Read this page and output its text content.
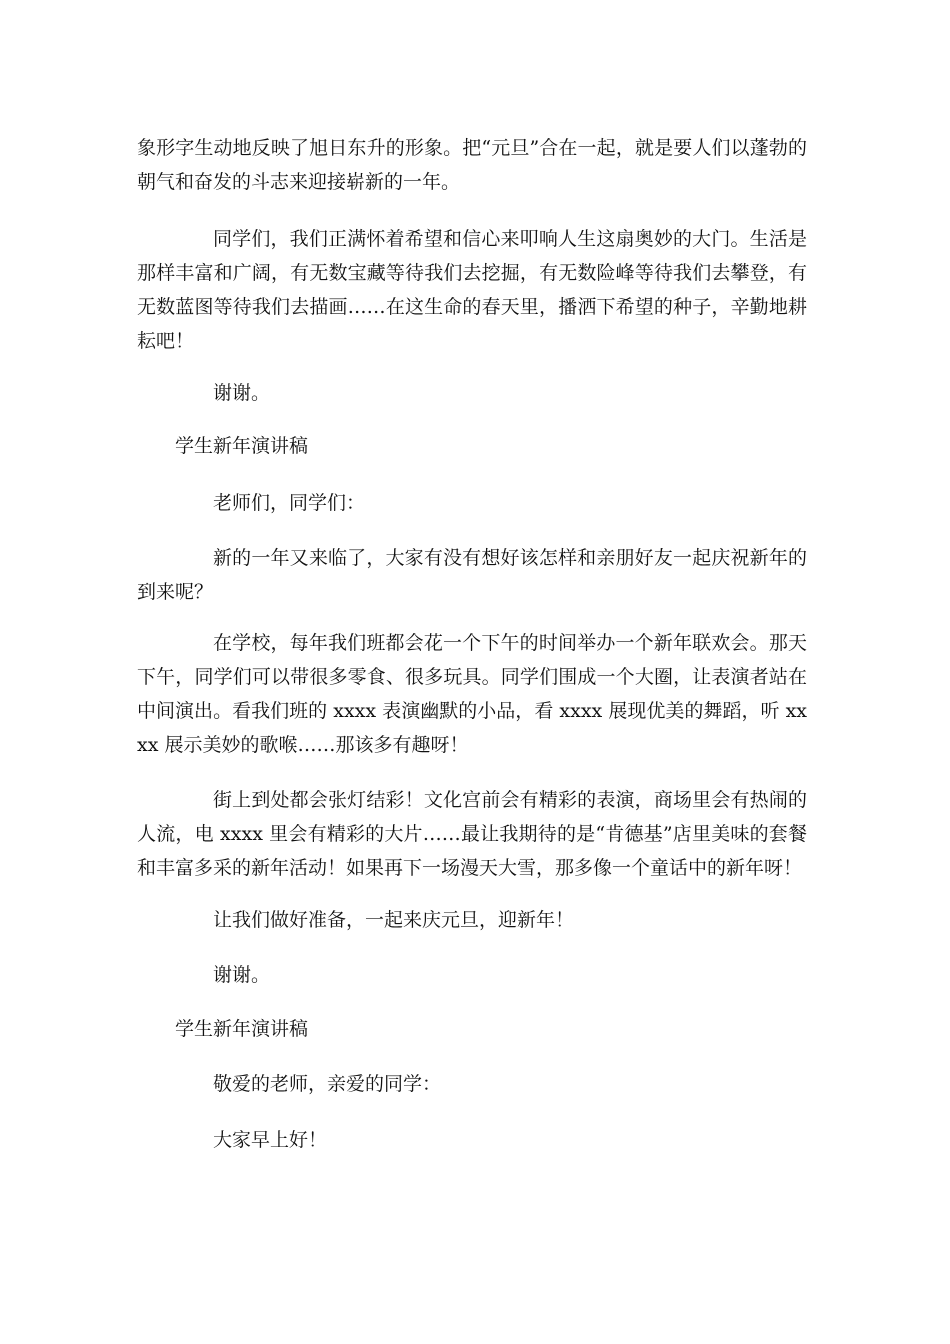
象形字生动地反映了旭日东升的形象。把“元旦”合在一起，就是要人们以蓬勃的朝气和奋发的斗志来迎接崭新的一年。

同学们，我们正满怀着希望和信心来叩响人生这扇奥妙的大门。生活是那样丰富和广阔，有无数宝藏等待我们去挖掘，有无数险峰等待我们去攀登，有无数蓝图等待我们去描画……在这生命的春天里，播洒下希望的种子，辛勤地耕耘吧！

谢谢。

学生新年演讲稿

老师们，同学们：

新的一年又来临了，大家有没有想好该怎样和亲朋好友一起庆祝新年的到来呢？

在学校，每年我们班都会花一个下午的时间举办一个新年联欢会。那天下午，同学们可以带很多零食、很多玩具。同学们围成一个大圈，让表演者站在中间演出。看我们班的 xxxx 表演幽默的小品，看 xxxx 展现优美的舞蹈，听 xxxx 展示美妙的歌喉……那该多有趣呀！

街上到处都会张灯结彩！文化宫前会有精彩的表演，商场里会有热闹的人流，电 xxxx 里会有精彩的大片……最让我期待的是“肯德基”店里美味的套餐和丰富多采的新年活动！如果再下一场漫天大雪，那多像一个童话中的新年呀！

让我们做好准备，一起来庆元旦，迎新年！

谢谢。

学生新年演讲稿

敬爱的老师，亲爱的同学：

大家早上好！
